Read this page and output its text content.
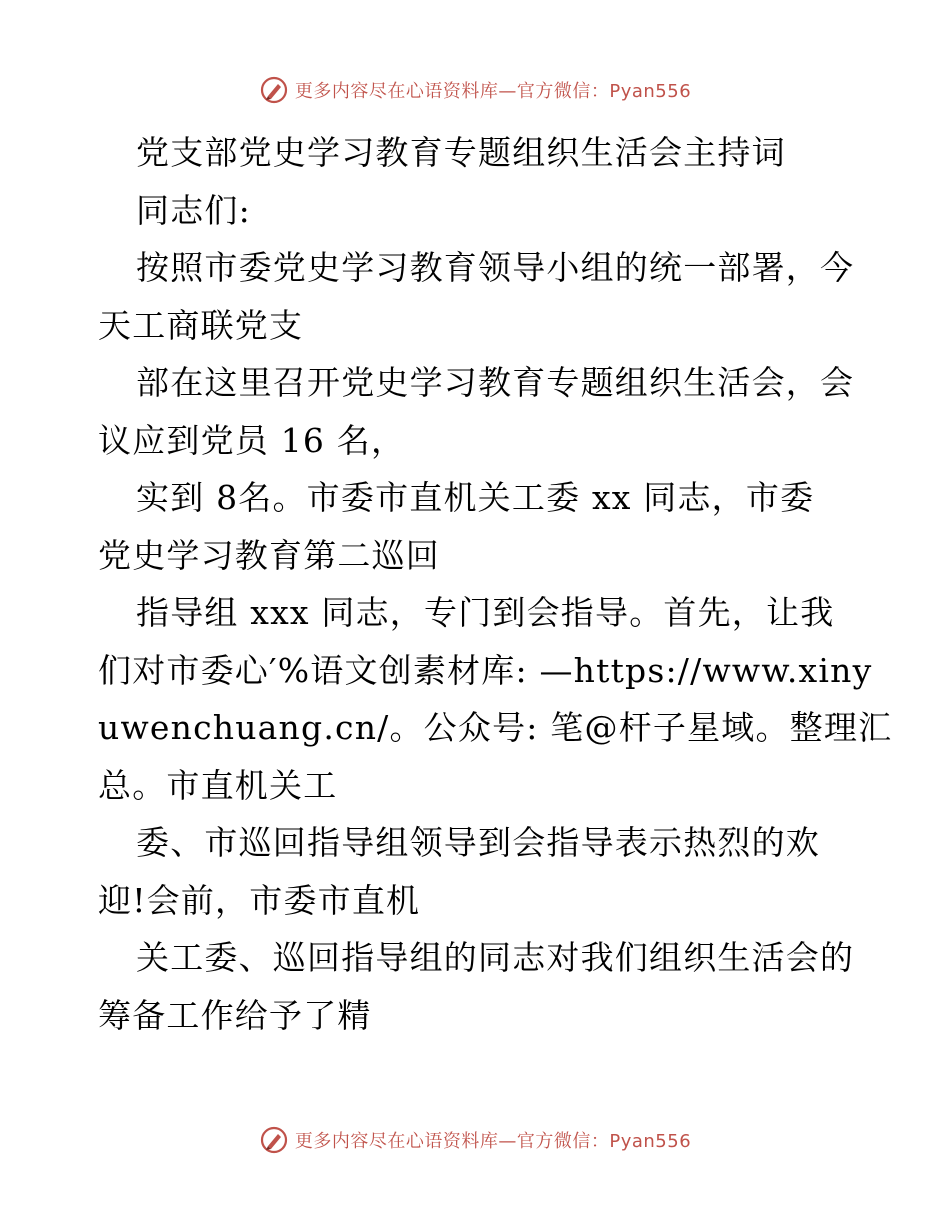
更多内容尽在心语资料库—官方微信：Pyan556
党支部党史学习教育专题组织生活会主持词
同志们:
按照市委党史学习教育领导小组的统一部署，今
天工商联党支
部在这里召开党史学习教育专题组织生活会，会
议应到党员 16 名，
实到 8名。市委市直机关工委 xx 同志，市委
党史学习教育第二巡回
指导组 xxx 同志，专门到会指导。首先，让我
们对市委心′%语文创素材库: —https://www.xiny
uwenchuang.cn/。公众号: 笔@杆子星域。整理汇
总。市直机关工
委、市巡回指导组领导到会指导表示热烈的欢
迎!会前，市委市直机
关工委、巡回指导组的同志对我们组织生活会的
筹备工作给予了精
更多内容尽在心语资料库—官方微信：Pyan556
